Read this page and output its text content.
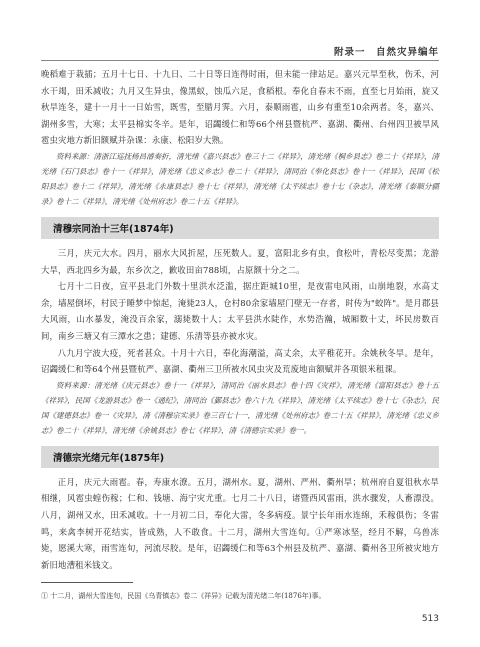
附录一　自然灾异编年

晚稻难于栽插；五月十七日、十九日、二十日等日连得时雨，但未能一律站足。嘉兴元旱至秋，伤禾，河水干竭，田禾减收；九月又生异虫，像黑蚁，蚀瓜六足，食稻根。奉化自春末不雨，直至七月始雨，旋又秋旱连冬，建十一月十一日始雪，既雪，至腊月霁。六月，泰顺雨雹，山乡有重至10余两者。冬，嘉兴、湖州多雪，大寒；太平县棉实冬辛。是年，诏蠲缓仁和等66个州县暨杭严、嘉湖、衢州、台州四卫被旱风雹虫灾地方新旧额赋并杂课：永康、松阳岁大熟。

资料来源：清浙江巡抚杨昌濬奏折，清光绪《嘉兴县志》卷三十二《祥异》，清光绪《桐乡县志》卷二十《祥异》，清光绪《石门县志》卷十一《祥异》，清光绪《忠义乡志》卷二十《祥异》，清同治《奉化县志》卷十一《祥异》，民国《松阳县志》卷十二《祥异》，清光绪《永康县志》卷十七《祥异》，清光绪《太平续志》卷十七《杂志》，清光绪《泰顺分疆录》卷十二《祥异》，清光绪《处州府志》卷二十五《祥异》。

清穆宗同治十三年(1874年)

三月，庆元大水。四月，丽水大风折屋，压死数人。夏，富阳北乡有虫，食松叶，青松尽变黑；龙游大旱，西北四乡为最，东乡次之，歉收田亩788顷，占原额十分之二。

七月十二日夜，宣平县北门外数十里洪水泛滥，据庄距城10里，是夜雷电风雨，山崩地裂，水高丈余，墙屋倒坏，村民于睡梦中惊起，淹毙23人，仓村80余家墙屋门壁无一存者，时传为"蛟阵"。是月郡县大风雨，山水暴发，淹没百余家，溺毙数十人；太平县洪水陡作，水势浩瀚，城厢数十丈，坏民房数百间，南乡三塘又有三潭水之患；建德、乐清等县亦被水灾。

八九月宁波大疫，死者甚众。十月十六日，奉化海潮溢，高丈余，太平稚花开。余姚秋冬旱。是年，诏蠲缓仁和等64个州县暨杭严、嘉湖、衢州三卫所被水风虫灾及荒废地亩额赋并各项银米租课。

资料来源：清光绪《庆元县志》卷十一《祥异》，清同治《丽水县志》卷十四《灾祥》，清光绪《富阳县志》卷十五《祥异》，民国《龙游县志》卷一《通纪》，清同治《鄞县志》卷六十九《祥异》，清光绪《太平续志》卷十七《杂志》，民国《建德县志》卷一《灾异》，清《清穆宗实录》卷三百七十一，清光绪《处州府志》卷二十五《祥异》，清光绪《忠义乡志》卷二十《祥异》，清光绪《余姚县志》卷七《祥异》，清《清德宗实录》卷一。

清德宗光绪元年(1875年)

正月，庆元大雨雹。春，寿康水潦。五月，湖州水。夏，湖州、严州、衢州旱；杭州府自夏徂秋水旱相继，风雹虫蝗伤稼；仁和、钱塘、海宁灾尤重。七月二十八日，诸暨西风雷雨，洪水骤发，人畜漂没。八月，湖州又水，田禾减收。十一月初二日，奉化大雷，冬多病疫。景宁长年雨水连绵，禾稼俱伤；冬雷鸣，来禽李树开花结实，皆成熟，人不敢食。十二月，湖州大雪连旬。①严寒冰坚，经月不解，乌兽冻毙，愿溪大寒，雨雪连旬，河流尽胶。是年，诏蠲缓仁和等63个州县及杭严、嘉湖、衢州各卫所被灾地方新旧地漕租米钱文。

① 十二月，湖州大雪连旬，民国《乌青镇志》卷二《祥异》记载为清光绪二年(1876年)事。
513
